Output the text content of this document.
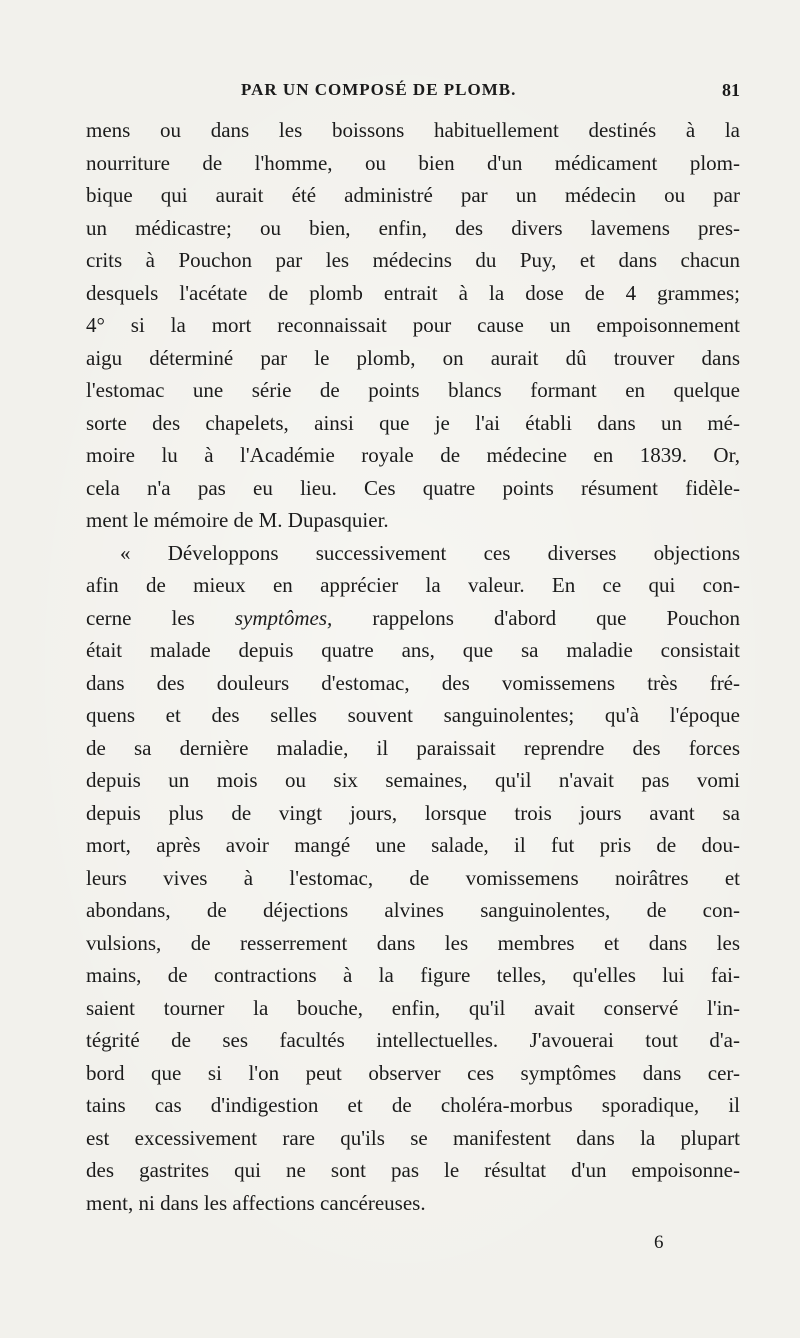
PAR UN COMPOSÉ DE PLOMB.	81
mens ou dans les boissons habituellement destinés à la
nourriture de l'homme, ou bien d'un médicament plom-
bique qui aurait été administré par un médecin ou par
un médicastre; ou bien, enfin, des divers lavemens pres-
crits à Pouchon par les médecins du Puy, et dans chacun
desquels l'acétate de plomb entrait à la dose de 4 grammes;
4° si la mort reconnaissait pour cause un empoisonnement
aigu déterminé par le plomb, on aurait dû trouver dans
l'estomac une série de points blancs formant en quelque
sorte des chapelets, ainsi que je l'ai établi dans un mé-
moire lu à l'Académie royale de médecine en 1839. Or,
cela n'a pas eu lieu. Ces quatre points résument fidèle-
ment le mémoire de M. Dupasquier.
« Développons successivement ces diverses objections
afin de mieux en apprécier la valeur. En ce qui con-
cerne les symptômes, rappelons d'abord que Pouchon
était malade depuis quatre ans, que sa maladie consistait
dans des douleurs d'estomac, des vomissemens très fré-
quens et des selles souvent sanguinolentes; qu'à l'époque
de sa dernière maladie, il paraissait reprendre des forces
depuis un mois ou six semaines, qu'il n'avait pas vomi
depuis plus de vingt jours, lorsque trois jours avant sa
mort, après avoir mangé une salade, il fut pris de dou-
leurs vives à l'estomac, de vomissemens noirâtres et
abondans, de déjections alvines sanguinolentes, de con-
vulsions, de resserrement dans les membres et dans les
mains, de contractions à la figure telles, qu'elles lui fai-
saient tourner la bouche, enfin, qu'il avait conservé l'in-
tégrité de ses facultés intellectuelles. J'avouerai tout d'a-
bord que si l'on peut observer ces symptômes dans cer-
tains cas d'indigestion et de choléra-morbus sporadique, il
est excessivement rare qu'ils se manifestent dans la plupart
des gastrites qui ne sont pas le résultat d'un empoisonne-
ment, ni dans les affections cancéreuses.
6
